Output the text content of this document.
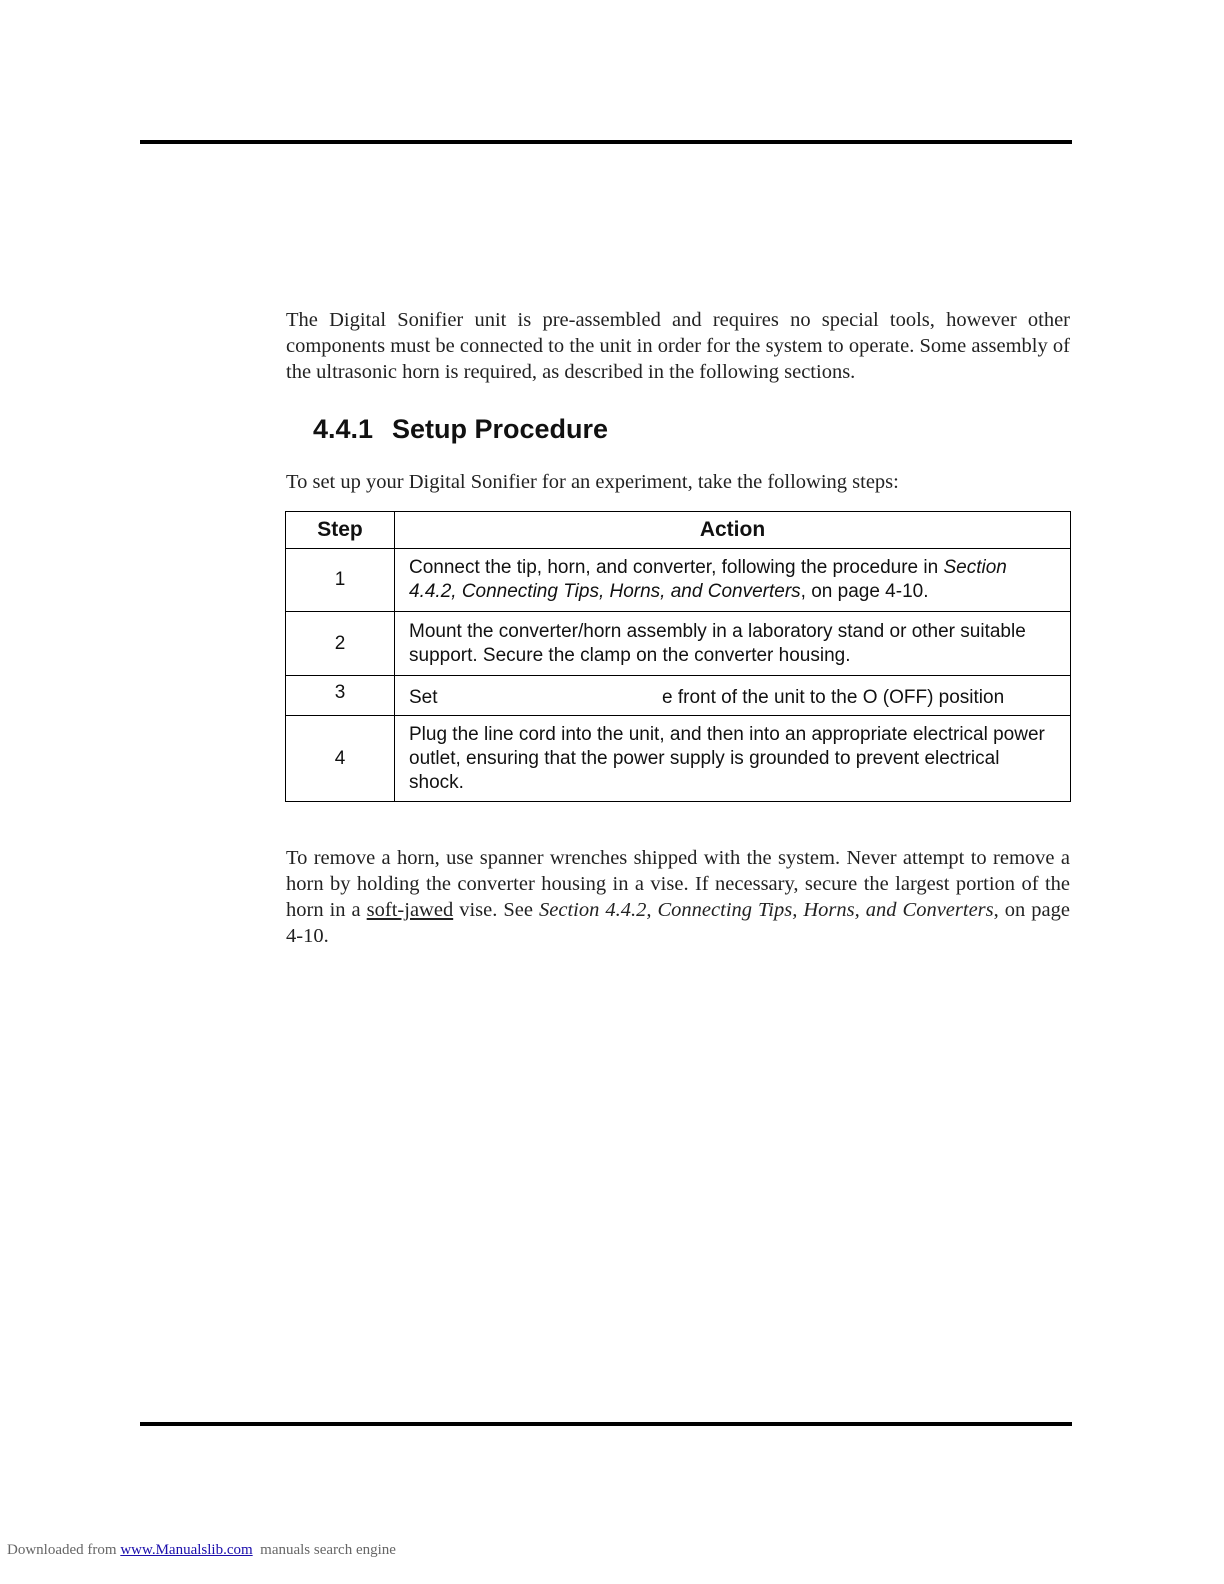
The Digital Sonifier unit is pre-assembled and requires no special tools, however other components must be connected to the unit in order for the system to operate. Some assembly of the ultrasonic horn is required, as described in the following sections.

4.4.1 Setup Procedure
To set up your Digital Sonifier for an experiment, take the following steps:
Step	Action
1	Connect the tip, horn, and converter, following the procedure in Section 4.4.2, Connecting Tips, Horns, and Converters, on page 4-10.
2	Mount the converter/horn assembly in a laboratory stand or other suitable support. Secure the clamp on the converter housing.
3	Set e front of the unit to the O (OFF) position
4	Plug the line cord into the unit, and then into an appropriate electrical power outlet, ensuring that the power supply is grounded to prevent electrical shock.

To remove a horn, use spanner wrenches shipped with the system. Never attempt to remove a horn by holding the converter housing in a vise. If necessary, secure the largest portion of the horn in a soft-jawed vise. See Section 4.4.2, Connecting Tips, Horns, and Converters, on page 4-10.

Downloaded from www.Manualslib.com  manuals search engine
